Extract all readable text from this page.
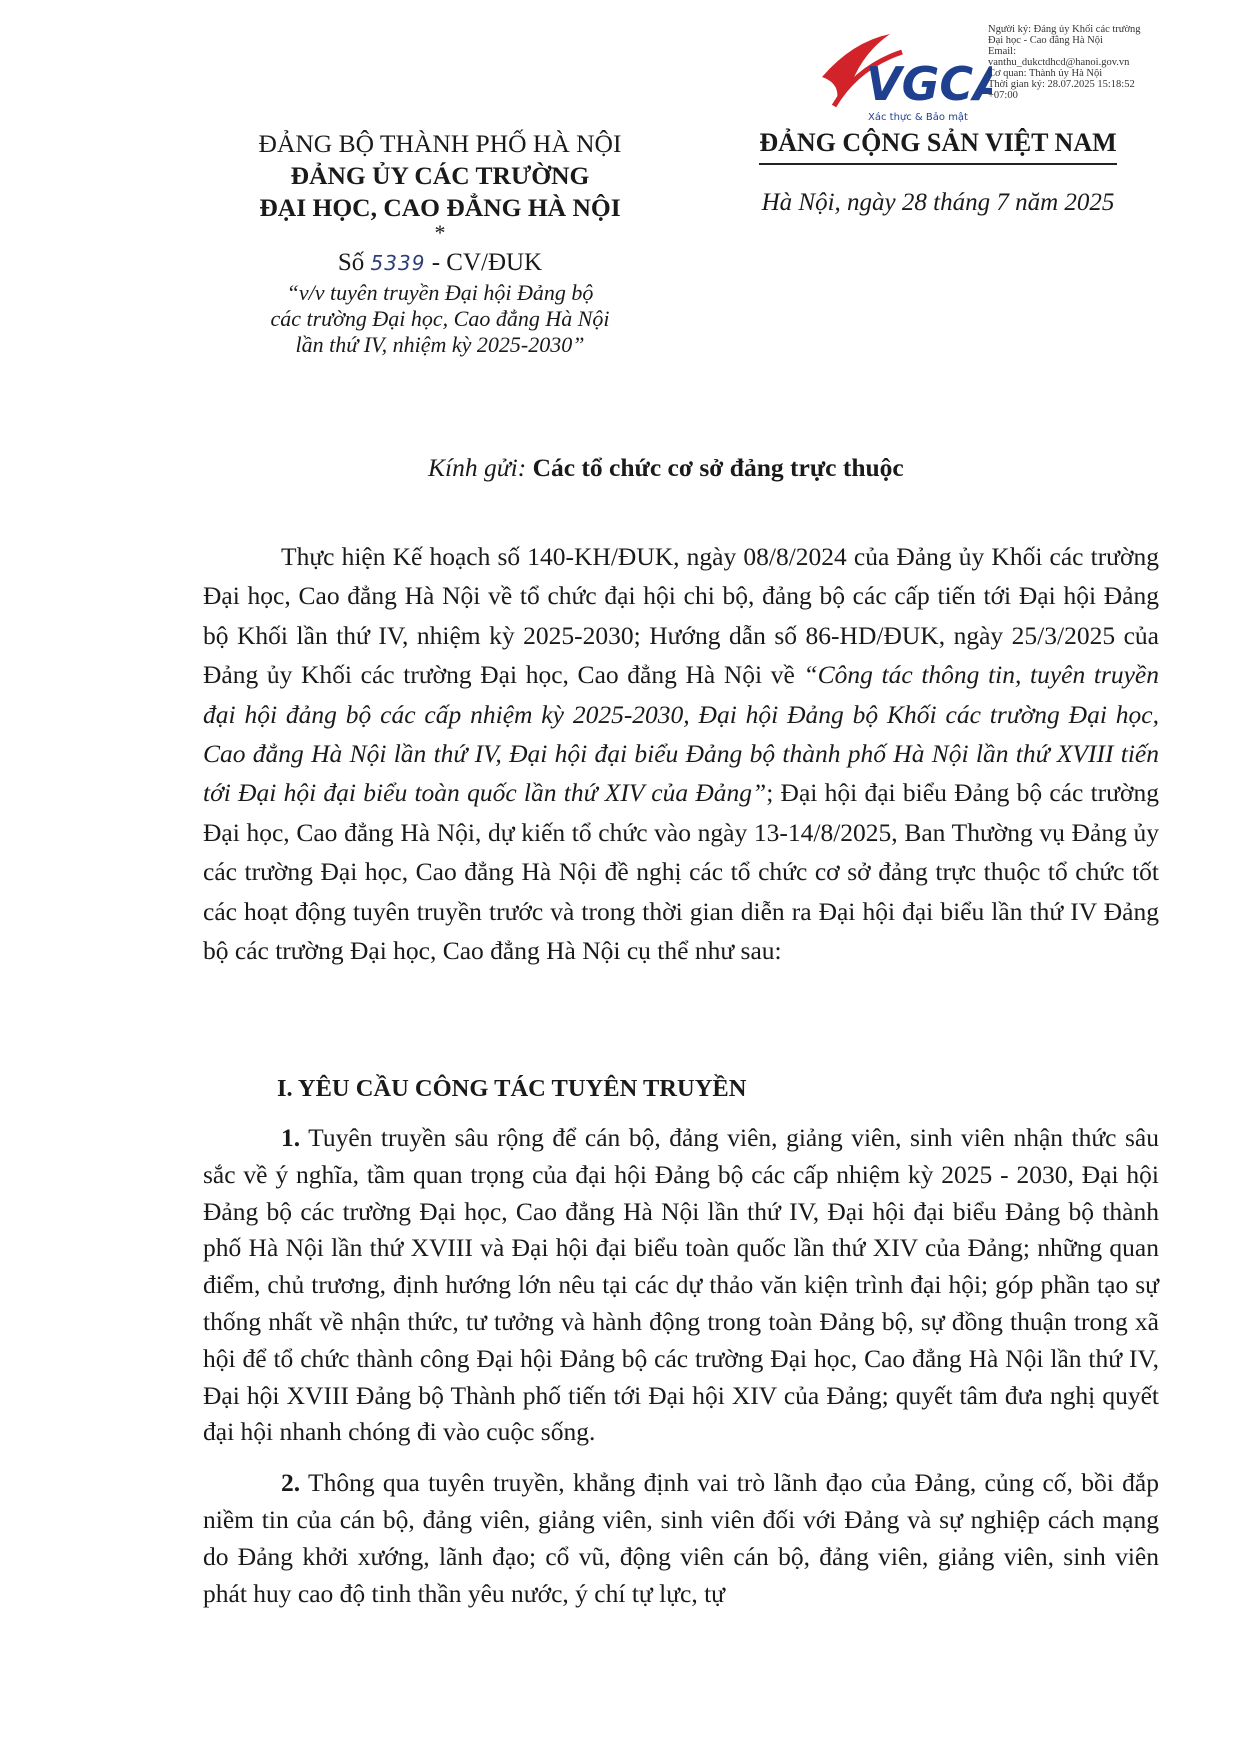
VGC
Xác thực & Bảo mật
Người ký: Đảng ủy Khối các trường
Đại học - Cao đẳng Hà Nội
Email:
vanthu_dukctdhcd@hanoi.gov.vn
Cơ quan: Thành ủy Hà Nội
Thời gian ký: 28.07.2025 15:18:52
+07:00
ĐẢNG BỘ THÀNH PHỐ HÀ NỘI
ĐẢNG ỦY CÁC TRƯỜNG
ĐẠI HỌC, CAO ĐẲNG HÀ NỘI
*
Số 5339 - CV/ĐUK
“v/v tuyên truyền Đại hội Đảng bộ
các trường Đại học, Cao đẳng Hà Nội
lần thứ IV, nhiệm kỳ 2025-2030”
ĐẢNG CỘNG SẢN VIỆT NAM
Hà Nội, ngày 28 tháng 7 năm 2025
Kính gửi: Các tổ chức cơ sở đảng trực thuộc

Thực hiện Kế hoạch số 140-KH/ĐUK, ngày 08/8/2024 của Đảng ủy Khối các trường Đại học, Cao đẳng Hà Nội về tổ chức đại hội chi bộ, đảng bộ các cấp tiến tới Đại hội Đảng bộ Khối lần thứ IV, nhiệm kỳ 2025-2030; Hướng dẫn số 86-HD/ĐUK, ngày 25/3/2025 của Đảng ủy Khối các trường Đại học, Cao đẳng Hà Nội về “Công tác thông tin, tuyên truyền đại hội đảng bộ các cấp nhiệm kỳ 2025-2030, Đại hội Đảng bộ Khối các trường Đại học, Cao đẳng Hà Nội lần thứ IV, Đại hội đại biểu Đảng bộ thành phố Hà Nội lần thứ XVIII tiến tới Đại hội đại biểu toàn quốc lần thứ XIV của Đảng”; Đại hội đại biểu Đảng bộ các trường Đại học, Cao đẳng Hà Nội, dự kiến tổ chức vào ngày 13-14/8/2025, Ban Thường vụ Đảng ủy các trường Đại học, Cao đẳng Hà Nội đề nghị các tổ chức cơ sở đảng trực thuộc tổ chức tốt các hoạt động tuyên truyền trước và trong thời gian diễn ra Đại hội đại biểu lần thứ IV Đảng bộ các trường Đại học, Cao đẳng Hà Nội cụ thể như sau:

I. YÊU CẦU CÔNG TÁC TUYÊN TRUYỀN

1. Tuyên truyền sâu rộng để cán bộ, đảng viên, giảng viên, sinh viên nhận thức sâu sắc về ý nghĩa, tầm quan trọng của đại hội Đảng bộ các cấp nhiệm kỳ 2025 - 2030, Đại hội Đảng bộ các trường Đại học, Cao đẳng Hà Nội lần thứ IV, Đại hội đại biểu Đảng bộ thành phố Hà Nội lần thứ XVIII và Đại hội đại biểu toàn quốc lần thứ XIV của Đảng; những quan điểm, chủ trương, định hướng lớn nêu tại các dự thảo văn kiện trình đại hội; góp phần tạo sự thống nhất về nhận thức, tư tưởng và hành động trong toàn Đảng bộ, sự đồng thuận trong xã hội để tổ chức thành công Đại hội Đảng bộ các trường Đại học, Cao đẳng Hà Nội lần thứ IV, Đại hội XVIII Đảng bộ Thành phố tiến tới Đại hội XIV của Đảng; quyết tâm đưa nghị quyết đại hội nhanh chóng đi vào cuộc sống.

2. Thông qua tuyên truyền, khẳng định vai trò lãnh đạo của Đảng, củng cố, bồi đắp niềm tin của cán bộ, đảng viên, giảng viên, sinh viên đối với Đảng và sự nghiệp cách mạng do Đảng khởi xướng, lãnh đạo; cổ vũ, động viên cán bộ, đảng viên, giảng viên, sinh viên phát huy cao độ tinh thần yêu nước, ý chí tự lực, tự
